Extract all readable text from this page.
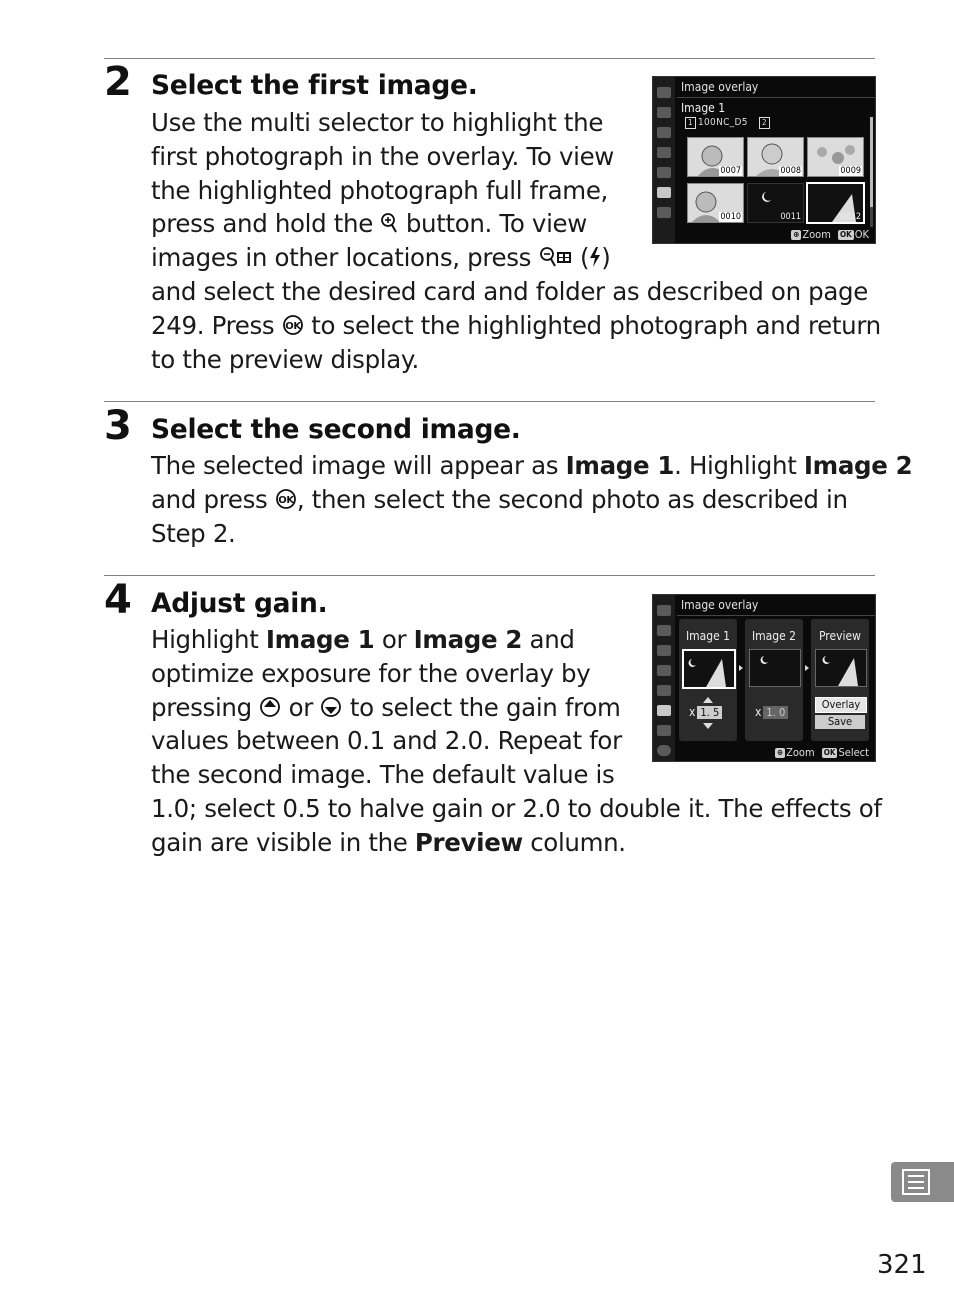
2 Select the first image.
Use the multi selector to highlight the
first photograph in the overlay. To view
the highlighted photograph full frame,
press and hold the  button. To view
images in other locations, press  ( )
and select the desired card and folder as described on page
249. Press OK to select the highlighted photograph and return
to the preview display.
3 Select the second image.
The selected image will appear as Image 1. Highlight Image 2
and press OK , then select the second photo as described in
Step 2.
4 Adjust gain.
Highlight Image 1 or Image 2 and
optimize exposure for the overlay by
pressing  or  to select the gain from
values between 0.1 and 2.0. Repeat for
the second image. The default value is
1.0; select 0.5 to halve gain or 2.0 to double it. The effects of
gain are visible in the Preview column.
Image overlay
Image 1
1 100NC_D5 2
0007	0008	0009
0010	0011	0012
⊕ Zoom OK OK
Image overlay
Image 1
x 1. 5
Image 2
x 1. 0
Preview
Overlay
Save
⊕ Zoom OK Select
321
